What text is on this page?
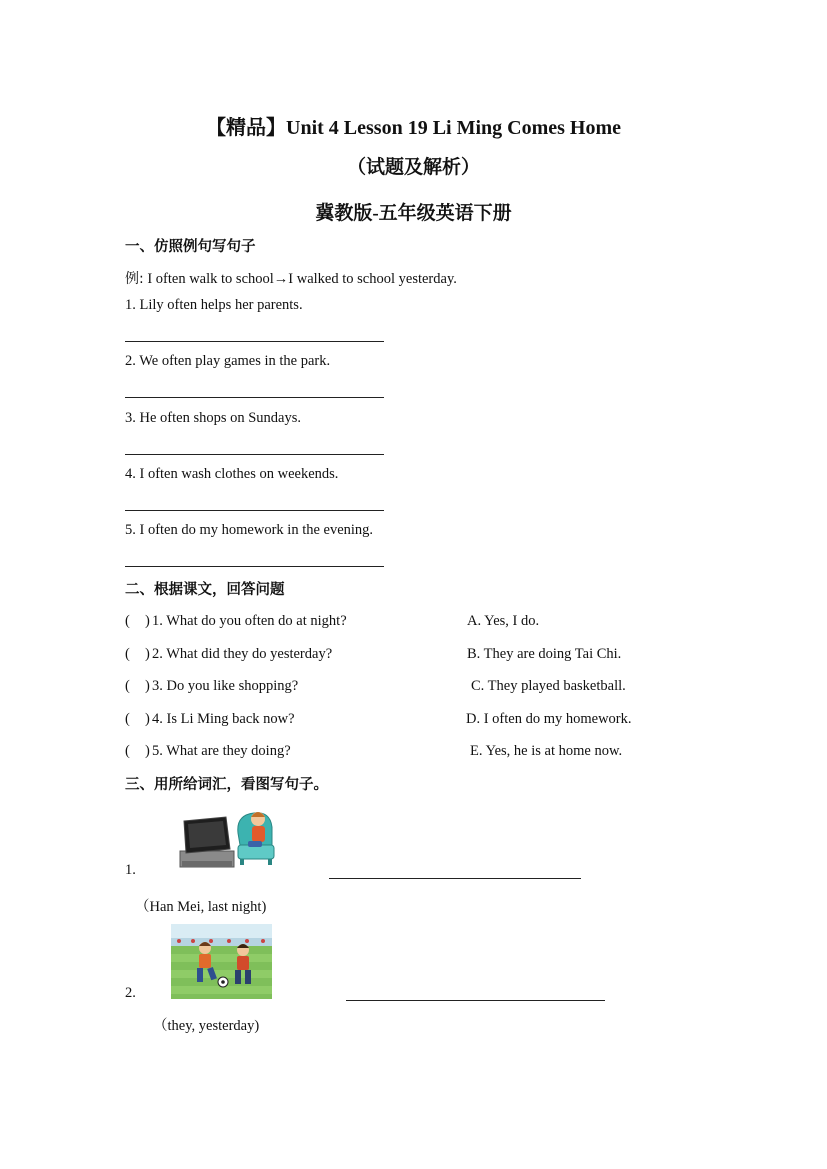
【精品】Unit 4 Lesson 19 Li Ming Comes Home
（试题及解析）
冀教版-五年级英语下册
一、仿照例句写句子
例: I often walk to school→I walked to school yesterday.
1. Lily often helps her parents.
2. We often play games in the park.
3. He often shops on Sundays.
4. I often wash clothes on weekends.
5. I often do my homework in the evening.
二、根据课文，回答问题
( ) 1. What do you often do at night?	A. Yes, I do.
( ) 2. What did they do yesterday?	B. They are doing Tai Chi.
( ) 3. Do you like shopping?	C. They played basketball.
( ) 4. Is Li Ming back now?	D. I often do my homework.
( ) 5. What are they doing?	E. Yes, he is at home now.
三、用所给词汇，看图写句子。
1.
（Han Mei, last night)
2.
（they, yesterday)
